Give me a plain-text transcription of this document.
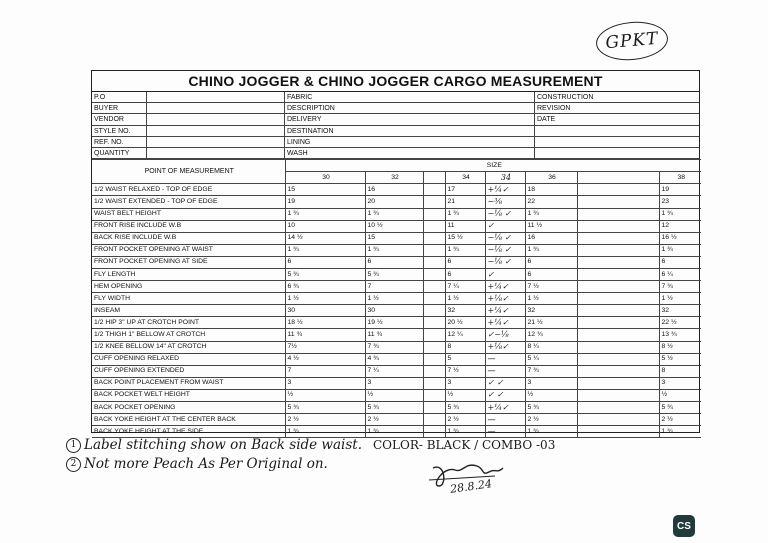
GPKT
CHINO JOGGER & CHINO JOGGER CARGO MEASUREMENT
P.O	FABRIC	CONSTRUCTION
BUYER	DESCRIPTION	REVISION
VENDOR	DELIVERY	DATE
STYLE NO.	DESTINATION
REF. NO.	LINING
QUANTITY	WASH
POINT OF MEASUREMENT	SIZE							
	30	32		34	34	36		38
1/2 WAIST RELAXED - TOP OF EDGE	15	16		17	+¼✓	18		19
1/2 WAIST EXTENDED - TOP OF EDGE	19	20		21	−⅜	22		23
WAIST BELT HEIGHT	1 ¾	1 ¾		1 ¾	−⅛ ✓	1 ¾		1 ¾
FRONT RISE INCLUDE W.B	10	10 ½		11	✓	11 ½		12
BACK RISE INCLUDE W.B	14 ½	15		15 ½	−⅛ ✓	16		16 ½
FRONT POCKET OPENING AT WAIST	1 ¾	1 ¾		1 ¾	−⅛ ✓	1 ¾		1 ¾
FRONT POCKET OPENING AT SIDE	6	6		6	−⅛ ✓	6		6
FLY LENGTH	5 ¾	5 ¾		6	✓	6		6 ¼
HEM OPENING	6 ¾	7		7 ¼	+¼✓	7 ½		7 ¾
FLY WIDTH	1 ½	1 ½		1 ½	+⅛✓	1 ½		1 ½
INSEAM	30	30		32	+¼✓	32		32
1/2 HIP 3" UP AT CROTCH POINT	18 ½	19 ½		20 ½	+¼✓	21 ½		22 ½
1/2 THIGH 1" BELLOW AT CROTCH	11 ¾	11 ¾		12 ¼	✓−⅛	12 ¾		13 ¾
1/2 KNEE BELLOW 14" AT CROTCH	7½	7 ¾		8	+⅛✓	8 ¼		8 ½
CUFF OPENING RELAXED	4 ½	4 ¾		5	—	5 ¼		5 ½
CUFF OPENING EXTENDED	7	7 ¼		7 ½	—	7 ¾		8
BACK POINT PLACEMENT FROM WAIST	3	3		3	✓ ✓	3		3
BACK POCKET WELT HEIGHT	½	½		½	✓ ✓	½		½
BACK POCKET OPENING	5 ¾	5 ¾		5 ¾	+¼✓	5 ¾		5 ¾
BACK YOKE HEIGHT AT THE CENTER BACK	2 ½	2 ½		2 ½	—	2 ½		2 ½
BACK YOKE HEIGHT AT THE SIDE	1 ¾	1 ¾		1 ¾	—	1 ¾		1 ¾
1 Label stitching show on Back side waist. COLOR- BLACK / COMBO -03
2 Not more Peach As Per Original on.
28.8.24
CS
